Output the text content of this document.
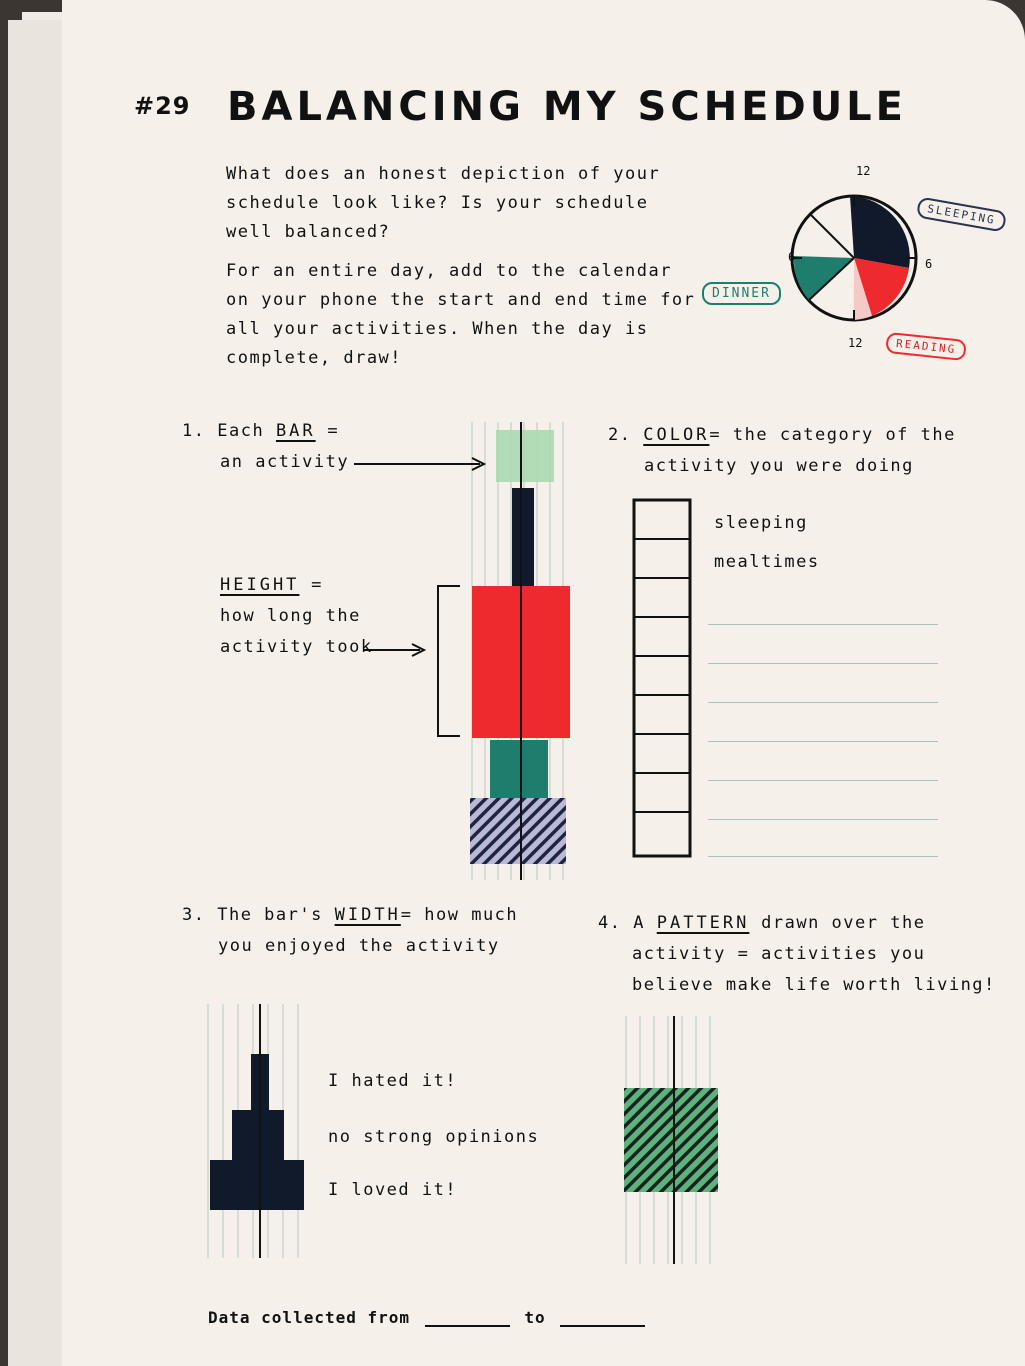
#29 BALANCING MY SCHEDULE

What does an honest depiction of your schedule look like? Is your schedule well balanced?

For an entire day, add to the calendar on your phone the start and end time for all your activities. When the day is complete, draw!

12
6	6
12
SLEEPING
DINNER
READING
1. Each BAR =
an activity
HEIGHT =
how long the
activity took
2. COLOR= the category of the
activity you were doing
sleeping
mealtimes
3. The bar's WIDTH= how much
you enjoyed the activity
I hated it!
no strong opinions
I loved it!
4. A PATTERN drawn over the
activity = activities you
believe make life worth living!
Data collected from	to
